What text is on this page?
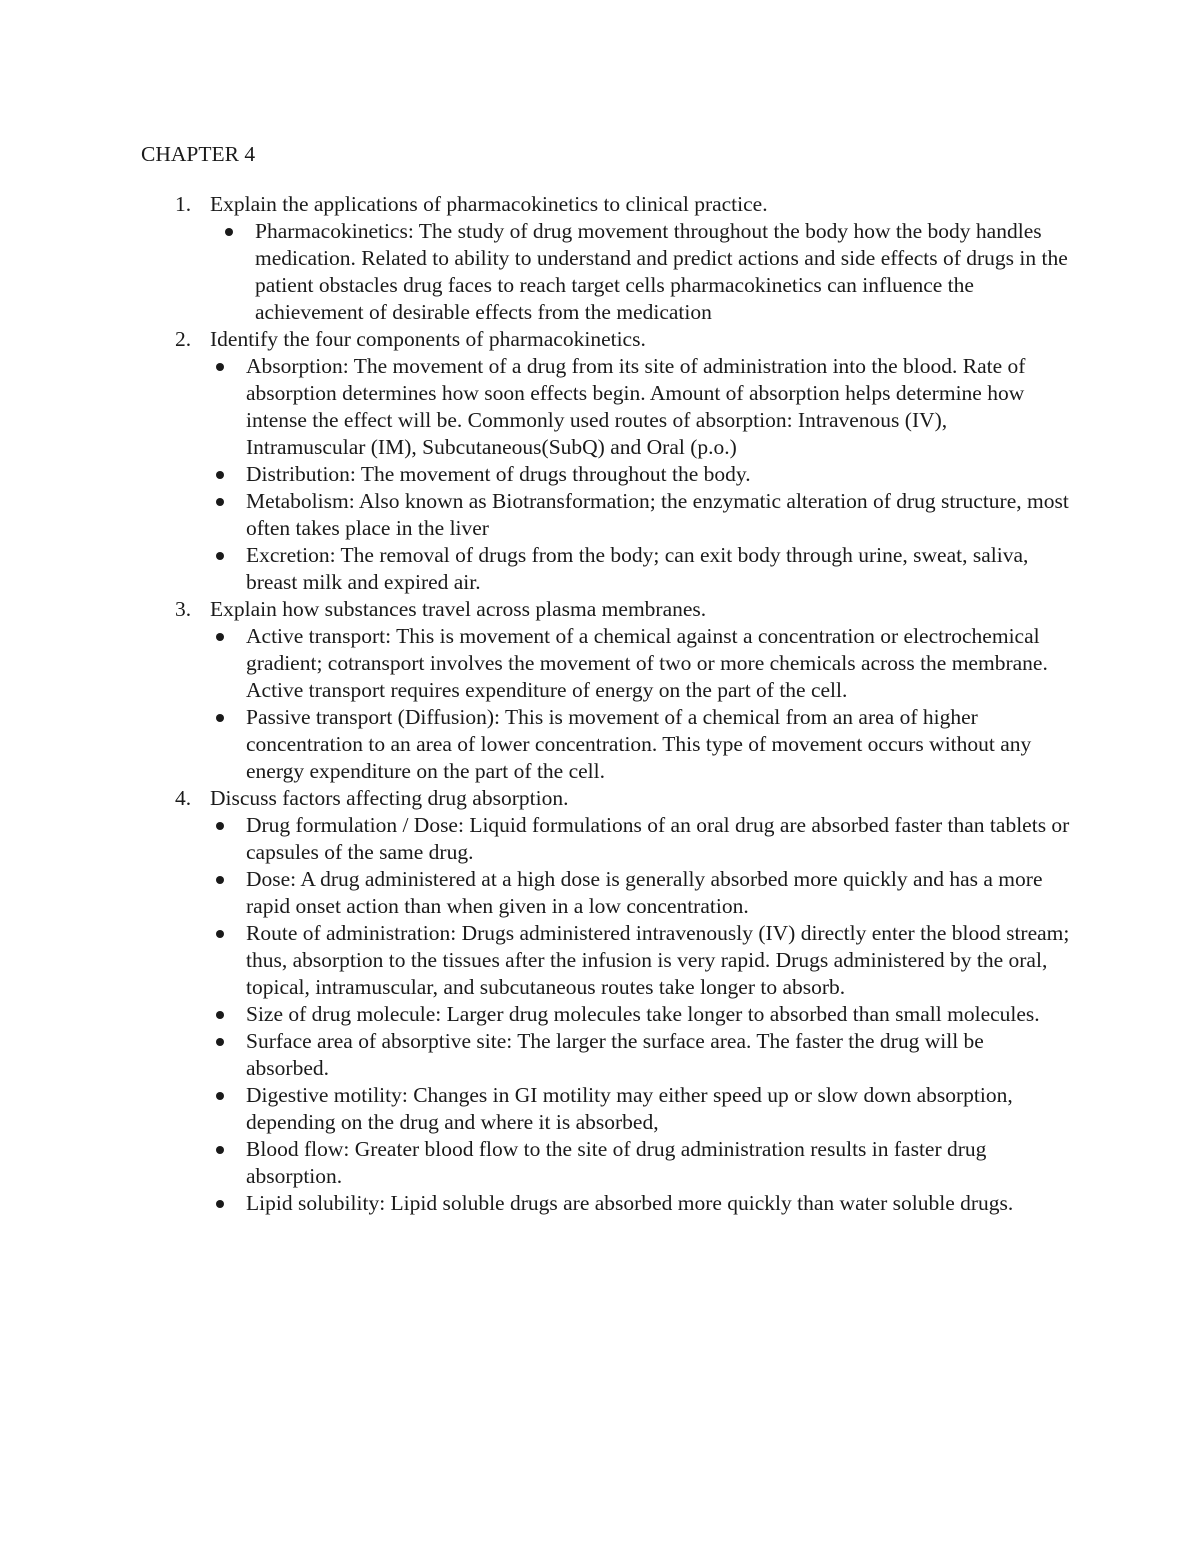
CHAPTER 4
1. Explain the applications of pharmacokinetics to clinical practice.
Pharmacokinetics: The study of drug movement throughout the body how the body handles medication. Related to ability to understand and predict actions and side effects of drugs in the patient obstacles drug faces to reach target cells pharmacokinetics can influence the achievement of desirable effects from the medication
2. Identify the four components of pharmacokinetics.
Absorption: The movement of a drug from its site of administration into the blood. Rate of absorption determines how soon effects begin. Amount of absorption helps determine how intense the effect will be. Commonly used routes of absorption: Intravenous (IV), Intramuscular (IM), Subcutaneous(SubQ) and Oral (p.o.)
Distribution: The movement of drugs throughout the body.
Metabolism: Also known as Biotransformation; the enzymatic alteration of drug structure, most often takes place in the liver
Excretion: The removal of drugs from the body; can exit body through urine, sweat, saliva, breast milk and expired air.
3. Explain how substances travel across plasma membranes.
Active transport: This is movement of a chemical against a concentration or electrochemical gradient; cotransport involves the movement of two or more chemicals across the membrane. Active transport requires expenditure of energy on the part of the cell.
Passive transport (Diffusion): This is movement of a chemical from an area of higher concentration to an area of lower concentration. This type of movement occurs without any energy expenditure on the part of the cell.
4. Discuss factors affecting drug absorption.
Drug formulation / Dose: Liquid formulations of an oral drug are absorbed faster than tablets or capsules of the same drug.
Dose: A drug administered at a high dose is generally absorbed more quickly and has a more rapid onset action than when given in a low concentration.
Route of administration: Drugs administered intravenously (IV) directly enter the blood stream; thus, absorption to the tissues after the infusion is very rapid. Drugs administered by the oral, topical, intramuscular, and subcutaneous routes take longer to absorb.
Size of drug molecule: Larger drug molecules take longer to absorbed than small molecules.
Surface area of absorptive site: The larger the surface area. The faster the drug will be absorbed.
Digestive motility: Changes in GI motility may either speed up or slow down absorption, depending on the drug and where it is absorbed,
Blood flow: Greater blood flow to the site of drug administration results in faster drug absorption.
Lipid solubility: Lipid soluble drugs are absorbed more quickly than water soluble drugs.
